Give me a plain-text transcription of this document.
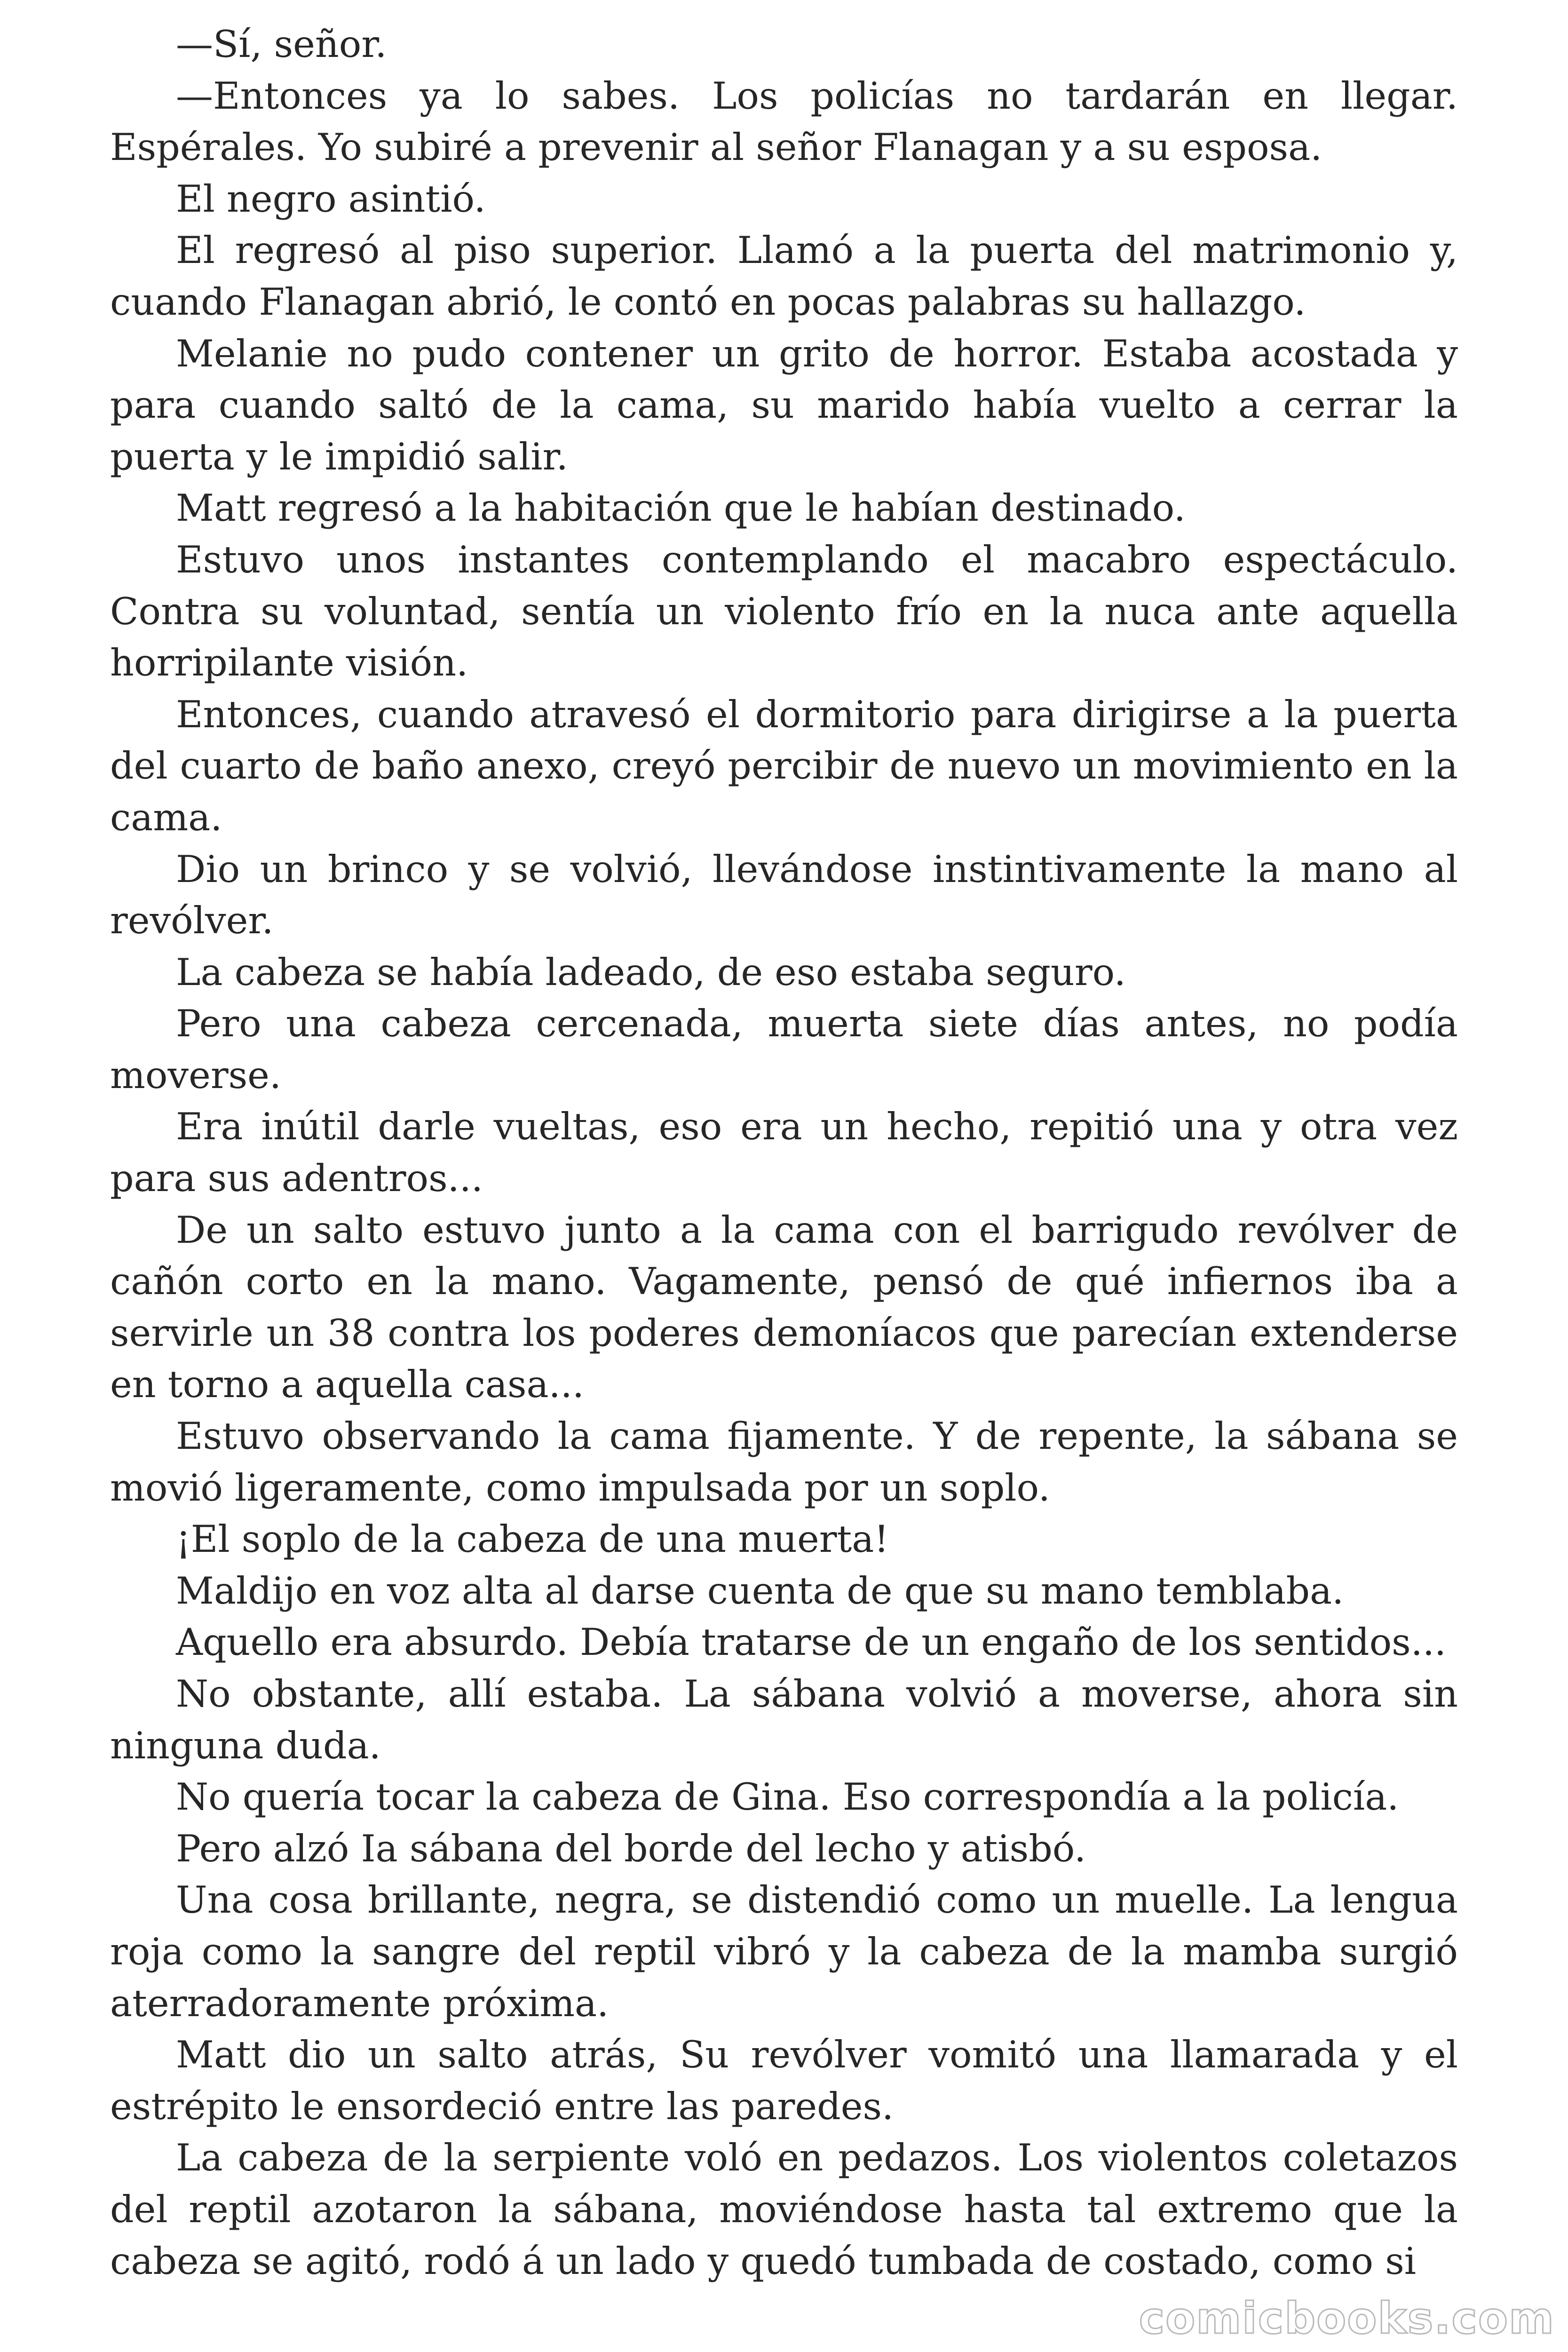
—Sí, señor.

—Entonces ya lo sabes. Los policías no tardarán en llegar. Espérales. Yo subiré a prevenir al señor Flanagan y a su esposa.

El negro asintió.

El regresó al piso superior. Llamó a la puerta del matrimonio y, cuando Flanagan abrió, le contó en pocas palabras su hallazgo.

Melanie no pudo contener un grito de horror. Estaba acostada y para cuando saltó de la cama, su marido había vuelto a cerrar la puerta y le impidió salir.

Matt regresó a la habitación que le habían destinado.

Estuvo unos instantes contemplando el macabro espectáculo. Contra su voluntad, sentía un violento frío en la nuca ante aquella horripilante visión.

Entonces, cuando atravesó el dormitorio para dirigirse a la puerta del cuarto de baño anexo, creyó percibir de nuevo un movimiento en la cama.

Dio un brinco y se volvió, llevándose instintivamente la mano al revólver.

La cabeza se había ladeado, de eso estaba seguro.

Pero una cabeza cercenada, muerta siete días antes, no podía moverse.

Era inútil darle vueltas, eso era un hecho, repitió una y otra vez para sus adentros...

De un salto estuvo junto a la cama con el barrigudo revólver de cañón corto en la mano. Vagamente, pensó de qué infiernos iba a servirle un 38 contra los poderes demoníacos que parecían extenderse en torno a aquella casa...

Estuvo observando la cama fijamente. Y de repente, la sábana se movió ligeramente, como impulsada por un soplo.

¡El soplo de la cabeza de una muerta!

Maldijo en voz alta al darse cuenta de que su mano temblaba.

Aquello era absurdo. Debía tratarse de un engaño de los sentidos...

No obstante, allí estaba. La sábana volvió a moverse, ahora sin ninguna duda.

No quería tocar la cabeza de Gina. Eso correspondía a la policía.

Pero alzó Ia sábana del borde del lecho y atisbó.

Una cosa brillante, negra, se distendió como un muelle. La lengua roja como la sangre del reptil vibró y la cabeza de la mamba surgió aterradoramente próxima.

Matt dio un salto atrás, Su revólver vomitó una llamarada y el estrépito le ensordeció entre las paredes.

La cabeza de la serpiente voló en pedazos. Los violentos coletazos del reptil azotaron la sábana, moviéndose hasta tal extremo que la cabeza se agitó, rodó á un lado y quedó tumbada de costado, como si

comicbooks.com
